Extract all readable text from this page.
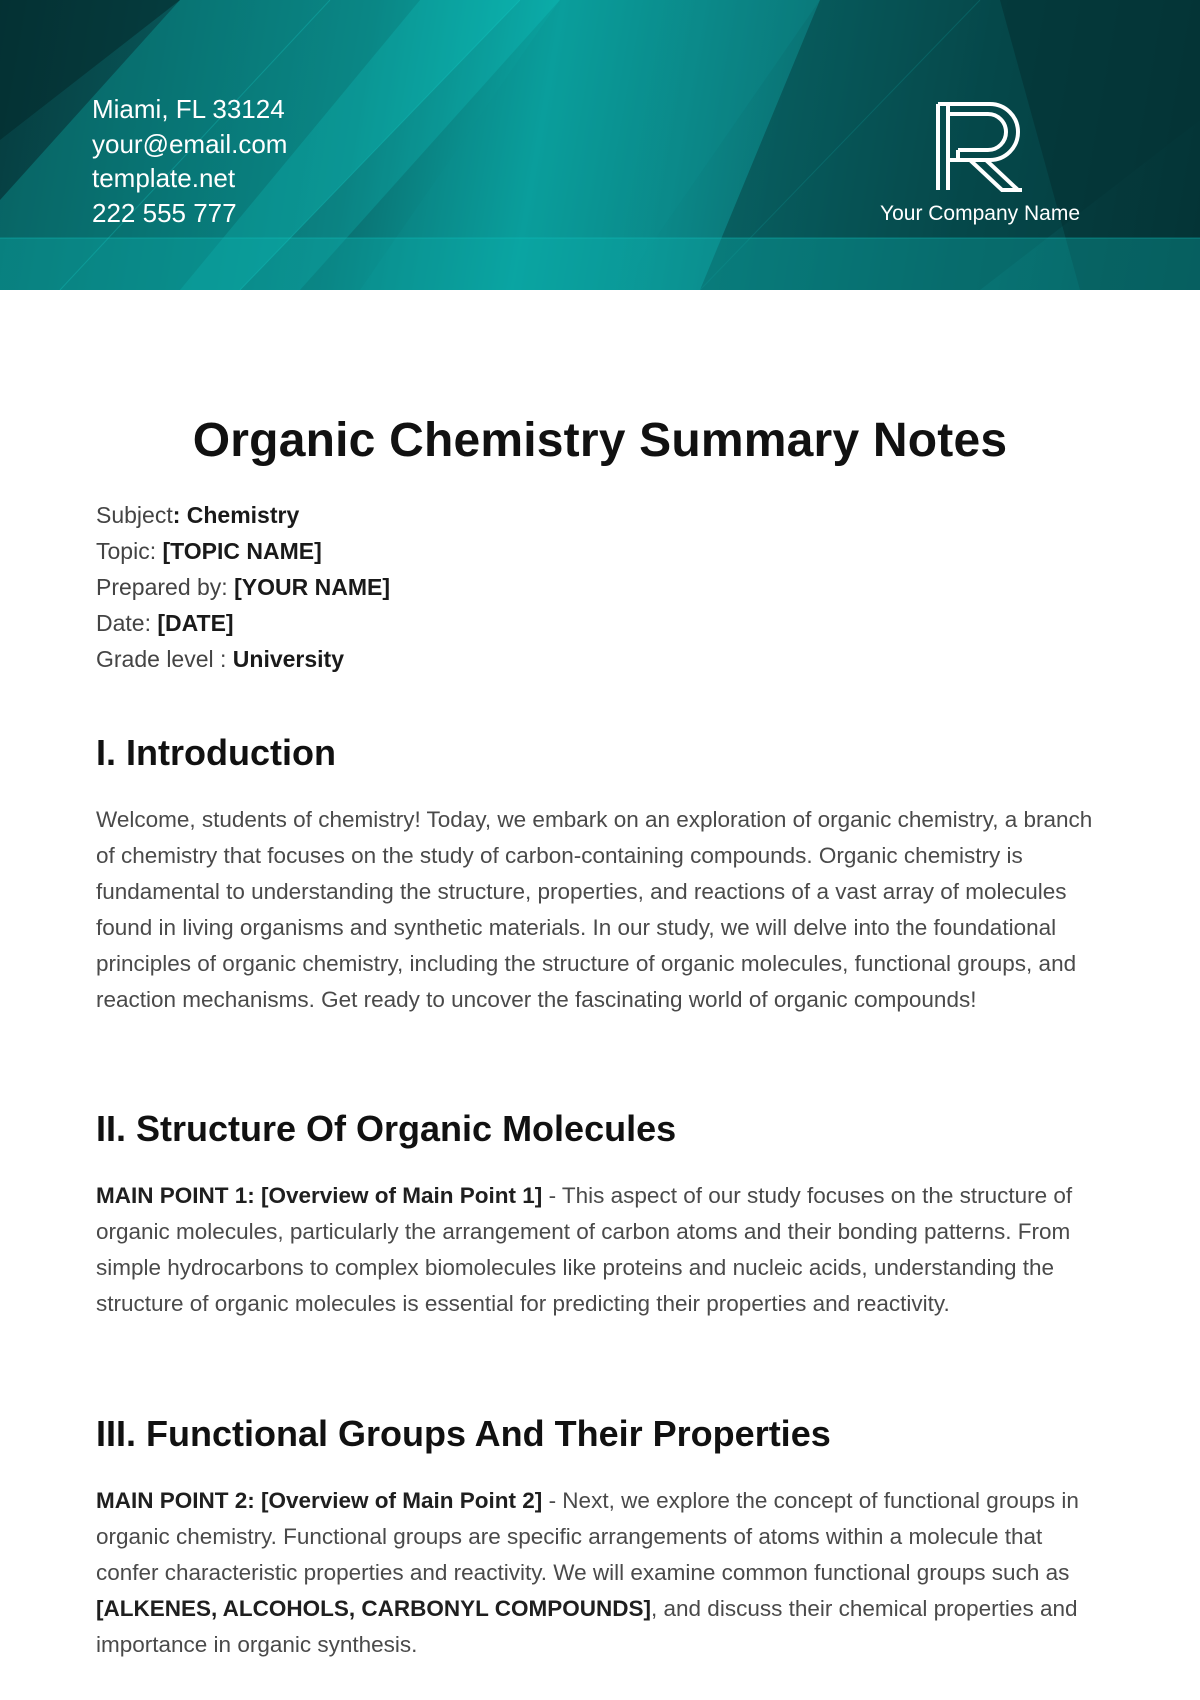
Miami, FL 33124
your@email.com
template.net
222 555 777	Your Company Name
Organic Chemistry Summary Notes
Subject: Chemistry
Topic: [TOPIC NAME]
Prepared by: [YOUR NAME]
Date: [DATE]
Grade level : University
I. Introduction
Welcome, students of chemistry! Today, we embark on an exploration of organic chemistry, a branch of chemistry that focuses on the study of carbon-containing compounds. Organic chemistry is fundamental to understanding the structure, properties, and reactions of a vast array of molecules found in living organisms and synthetic materials. In our study, we will delve into the foundational principles of organic chemistry, including the structure of organic molecules, functional groups, and reaction mechanisms. Get ready to uncover the fascinating world of organic compounds!
II. Structure Of Organic Molecules
MAIN POINT 1: [Overview of Main Point 1] - This aspect of our study focuses on the structure of organic molecules, particularly the arrangement of carbon atoms and their bonding patterns. From simple hydrocarbons to complex biomolecules like proteins and nucleic acids, understanding the structure of organic molecules is essential for predicting their properties and reactivity.
III. Functional Groups And Their Properties
MAIN POINT 2: [Overview of Main Point 2] - Next, we explore the concept of functional groups in organic chemistry. Functional groups are specific arrangements of atoms within a molecule that confer characteristic properties and reactivity. We will examine common functional groups such as [ALKENES, ALCOHOLS, CARBONYL COMPOUNDS], and discuss their chemical properties and importance in organic synthesis.
